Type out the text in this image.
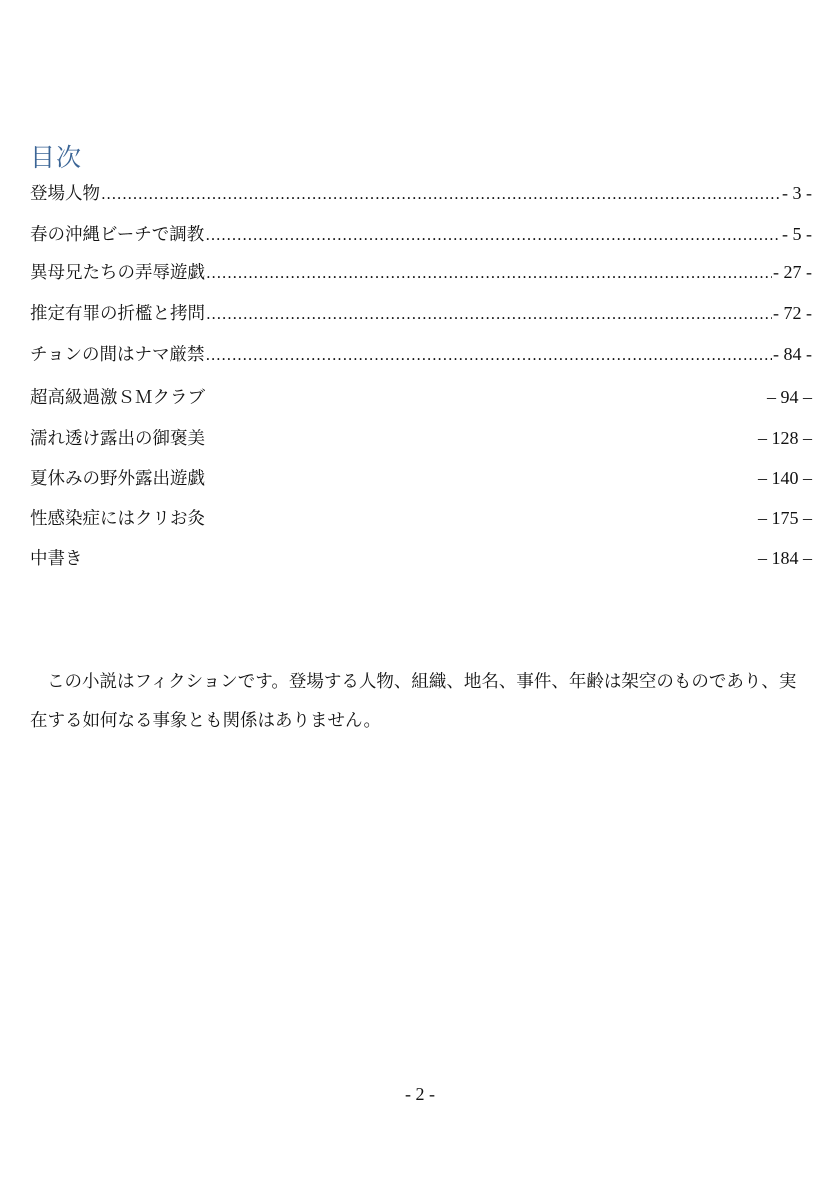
目次
登場人物 .....	- 3 -
春の沖縄ビーチで調教 .....	- 5 -
異母兄たちの弄辱遊戯 .....	- 27 -
推定有罪の折檻と拷問 .....	- 72 -
チョンの間はナマ厳禁 .....	- 84 -
超高級過激ＳＭクラブ	– 94 –
濡れ透け露出の御褒美	– 128 –
夏休みの野外露出遊戯	– 140 –
性感染症にはクリお灸	– 175 –
中書き	– 184 –

この小説はフィクションです。登場する人物、組織、地名、事件、年齢は架空のものであり、実在する如何なる事象とも関係はありません。

- 2 -
